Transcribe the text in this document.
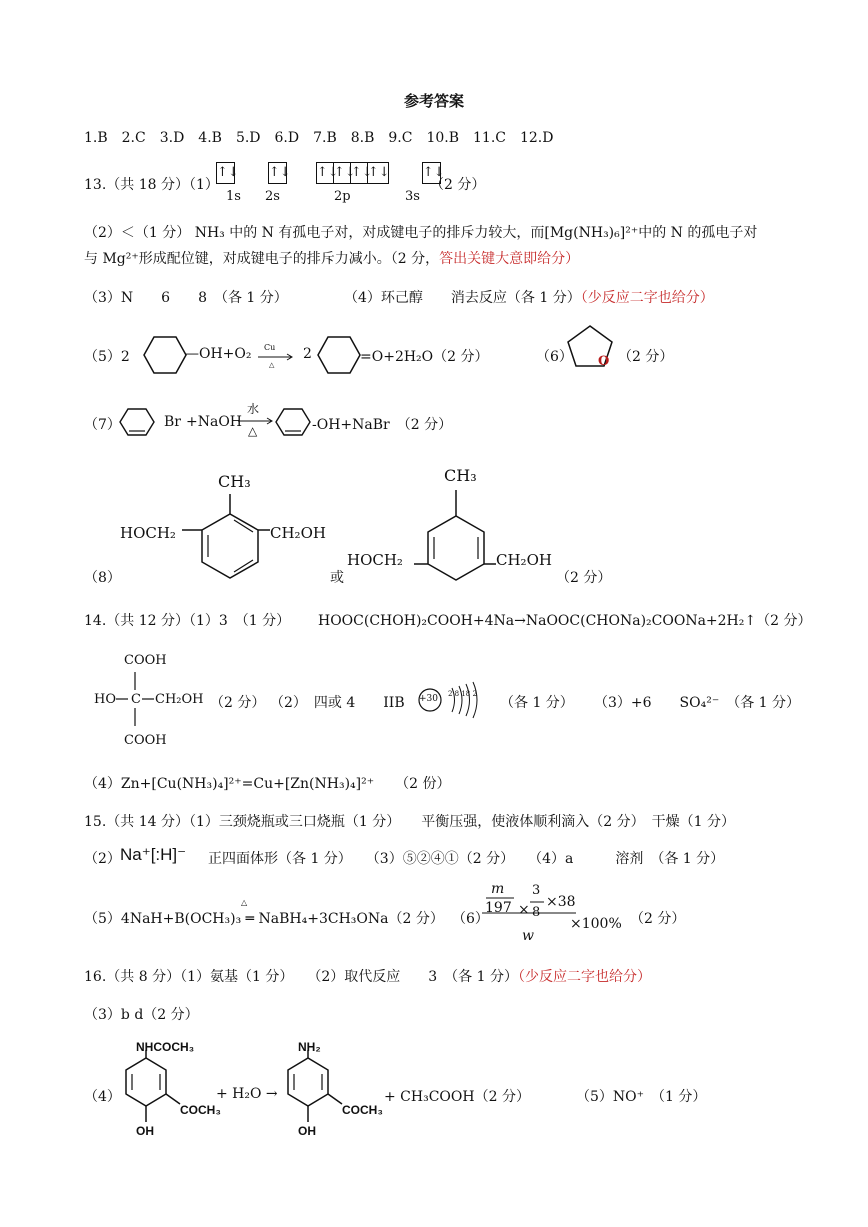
参考答案
1.B　2.C　3.D　4.B　5.D　6.D　7.B　8.B　9.C　10.B　11.C　12.D
13.（共 18 分）（1）
↑↓ ↑↓ ↑↓↑↓↑↓↑↓	↑↓
1s 2s	2p	3s
（2 分）
（2）＜（1 分） NH₃ 中的 N 有孤电子对，对成键电子的排斥力较大，而[Mg(NH₃)₆]²⁺中的 N 的孤电子对
与 Mg²⁺形成配位键，对成键电子的排斥力减小。（2 分，答出关键大意即给分）
（3）N　　6　　8　（各 1 分）	（4）环己醇　　消去反应（各 1 分）（少反应二字也给分）
（5）2	—OH+O₂ Cu
△
2	=O+2H₂O（2 分）	（6） O （2 分）
（7）	Br +NaOH
水
△	-OH+NaBr　（2 分）
（8）
CH₃
HOCH₂	CH₂OH
或
CH₃
HOCH₂	CH₂OH
（2 分）
14.（共 12 分）（1）3　（1 分） HOOC(CHOH)₂COOH+4Na→NaOOC(CHONa)₂COONa+2H₂↑（2 分）
COOH
HO C CH₂OH
COOH
（2 分） （2）　四或 4　　IIB +30 2 8 18 2
（各 1 分） （3）+6　　SO₄²⁻　（各 1 分）
（4）Zn+[Cu(NH₃)₄]²⁺=Cu+[Zn(NH₃)₄]²⁺　　（2 份）
15.（共 14 分）（1）三颈烧瓶或三口烧瓶（1 分）　　平衡压强，使液体顺利滴入（2 分）　干燥（1 分）
（2） Na⁺[:H]⁻ 正四面体形（各 1 分）　　（3）⑤②④①（2 分）　　（4）a　　　溶剂　（各 1 分）
（5）4NaH+B(OCH₃)₃ ═ NaBH₄+3CH₃ONa（2 分）
△
（6）
m
197 ×
3
8
×38
w
×100% （2 分）
16.（共 8 分）（1）氨基（1 分）　　（2）取代反应　　3　（各 1 分）（少反应二字也给分）
（3）b d（2 分）
（4）
NHCOCH₃
OH
COCH₃
+ H₂O →
NH₂
OH
COCH₃
+ CH₃COOH（2 分）	（5）NO⁺　（1 分）
